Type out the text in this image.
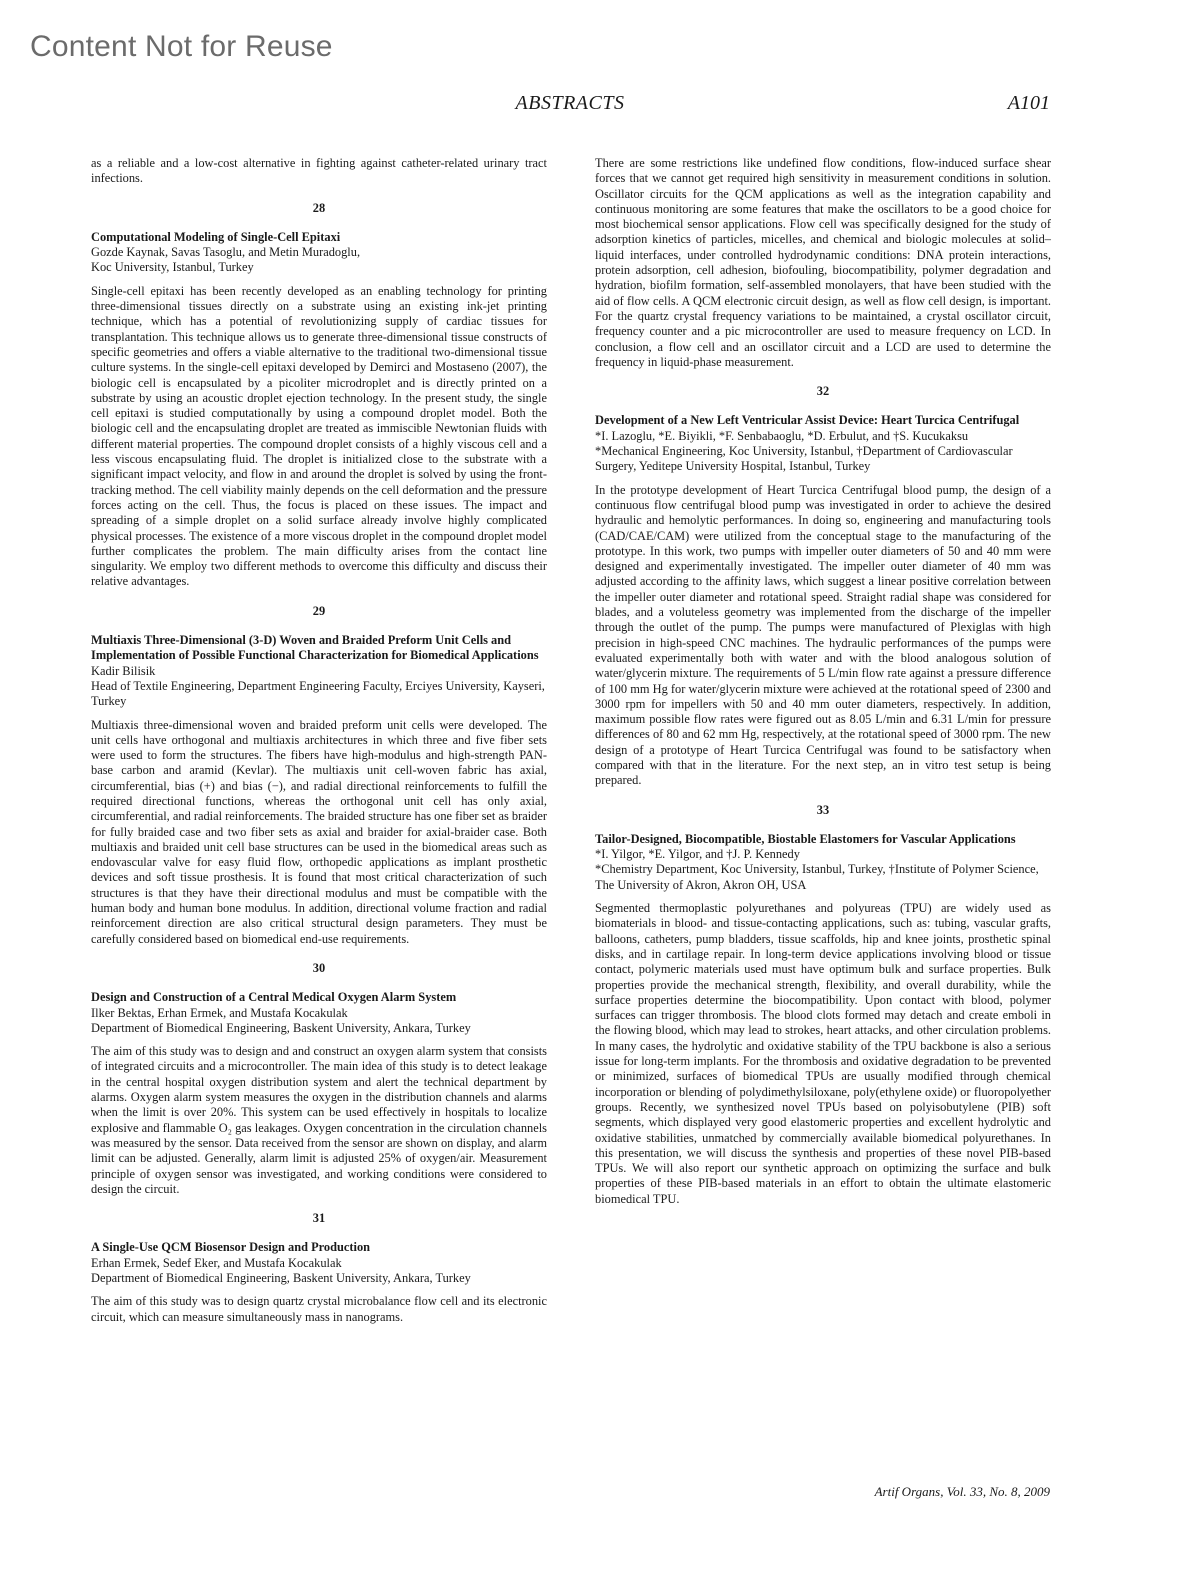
Content Not for Reuse
ABSTRACTS	A101

as a reliable and a low-cost alternative in fighting against catheter-related urinary tract infections.

28
Computational Modeling of Single-Cell Epitaxi
Gozde Kaynak, Savas Tasoglu, and Metin Muradoglu,
Koc University, Istanbul, Turkey

Single-cell epitaxi has been recently developed as an enabling technology for printing three-dimensional tissues directly on a substrate using an existing ink-jet printing technique, which has a potential of revolutionizing supply of cardiac tissues for transplantation. This technique allows us to generate three-dimensional tissue constructs of specific geometries and offers a viable alternative to the traditional two-dimensional tissue culture systems. In the single-cell epitaxi developed by Demirci and Mostaseno (2007), the biologic cell is encapsulated by a picoliter microdroplet and is directly printed on a substrate by using an acoustic droplet ejection technology. In the present study, the single cell epitaxi is studied computationally by using a compound droplet model. Both the biologic cell and the encapsulating droplet are treated as immiscible Newtonian fluids with different material properties. The compound droplet consists of a highly viscous cell and a less viscous encapsulating fluid. The droplet is initialized close to the substrate with a significant impact velocity, and flow in and around the droplet is solved by using the front-tracking method. The cell viability mainly depends on the cell deformation and the pressure forces acting on the cell. Thus, the focus is placed on these issues. The impact and spreading of a simple droplet on a solid surface already involve highly complicated physical processes. The existence of a more viscous droplet in the compound droplet model further complicates the problem. The main difficulty arises from the contact line singularity. We employ two different methods to overcome this difficulty and discuss their relative advantages.

29
Multiaxis Three-Dimensional (3-D) Woven and Braided Preform Unit Cells and Implementation of Possible Functional Characterization for Biomedical Applications
Kadir Bilisik
Head of Textile Engineering, Department Engineering Faculty, Erciyes University, Kayseri, Turkey

Multiaxis three-dimensional woven and braided preform unit cells were developed. The unit cells have orthogonal and multiaxis architectures in which three and five fiber sets were used to form the structures. The fibers have high-modulus and high-strength PAN-base carbon and aramid (Kevlar). The multiaxis unit cell-woven fabric has axial, circumferential, bias (+) and bias (−), and radial directional reinforcements to fulfill the required directional functions, whereas the orthogonal unit cell has only axial, circumferential, and radial reinforcements. The braided structure has one fiber set as braider for fully braided case and two fiber sets as axial and braider for axial-braider case. Both multiaxis and braided unit cell base structures can be used in the biomedical areas such as endovascular valve for easy fluid flow, orthopedic applications as implant prosthetic devices and soft tissue prosthesis. It is found that most critical characterization of such structures is that they have their directional modulus and must be compatible with the human body and human bone modulus. In addition, directional volume fraction and radial reinforcement direction are also critical structural design parameters. They must be carefully considered based on biomedical end-use requirements.

30
Design and Construction of a Central Medical Oxygen Alarm System
Ilker Bektas, Erhan Ermek, and Mustafa Kocakulak
Department of Biomedical Engineering, Baskent University, Ankara, Turkey

The aim of this study was to design and and construct an oxygen alarm system that consists of integrated circuits and a microcontroller. The main idea of this study is to detect leakage in the central hospital oxygen distribution system and alert the technical department by alarms. Oxygen alarm system measures the oxygen in the distribution channels and alarms when the limit is over 20%. This system can be used effectively in hospitals to localize explosive and flammable O₂ gas leakages. Oxygen concentration in the circulation channels was measured by the sensor. Data received from the sensor are shown on display, and alarm limit can be adjusted. Generally, alarm limit is adjusted 25% of oxygen/air. Measurement principle of oxygen sensor was investigated, and working conditions were considered to design the circuit.

31
A Single-Use QCM Biosensor Design and Production
Erhan Ermek, Sedef Eker, and Mustafa Kocakulak
Department of Biomedical Engineering, Baskent University, Ankara, Turkey

The aim of this study was to design quartz crystal microbalance flow cell and its electronic circuit, which can measure simultaneously mass in nanograms.

There are some restrictions like undefined flow conditions, flow-induced surface shear forces that we cannot get required high sensitivity in measurement conditions in solution. Oscillator circuits for the QCM applications as well as the integration capability and continuous monitoring are some features that make the oscillators to be a good choice for most biochemical sensor applications. Flow cell was specifically designed for the study of adsorption kinetics of particles, micelles, and chemical and biologic molecules at solid–liquid interfaces, under controlled hydrodynamic conditions: DNA protein interactions, protein adsorption, cell adhesion, biofouling, biocompatibility, polymer degradation and hydration, biofilm formation, self-assembled monolayers, that have been studied with the aid of flow cells. A QCM electronic circuit design, as well as flow cell design, is important. For the quartz crystal frequency variations to be maintained, a crystal oscillator circuit, frequency counter and a pic microcontroller are used to measure frequency on LCD. In conclusion, a flow cell and an oscillator circuit and a LCD are used to determine the frequency in liquid-phase measurement.

32
Development of a New Left Ventricular Assist Device: Heart Turcica Centrifugal
*I. Lazoglu, *E. Biyikli, *F. Senbabaoglu, *D. Erbulut, and †S. Kucukaksu
*Mechanical Engineering, Koc University, Istanbul, †Department of Cardiovascular Surgery, Yeditepe University Hospital, Istanbul, Turkey

In the prototype development of Heart Turcica Centrifugal blood pump, the design of a continuous flow centrifugal blood pump was investigated in order to achieve the desired hydraulic and hemolytic performances. In doing so, engineering and manufacturing tools (CAD/CAE/CAM) were utilized from the conceptual stage to the manufacturing of the prototype. In this work, two pumps with impeller outer diameters of 50 and 40 mm were designed and experimentally investigated. The impeller outer diameter of 40 mm was adjusted according to the affinity laws, which suggest a linear positive correlation between the impeller outer diameter and rotational speed. Straight radial shape was considered for blades, and a voluteless geometry was implemented from the discharge of the impeller through the outlet of the pump. The pumps were manufactured of Plexiglas with high precision in high-speed CNC machines. The hydraulic performances of the pumps were evaluated experimentally both with water and with the blood analogous solution of water/glycerin mixture. The requirements of 5 L/min flow rate against a pressure difference of 100 mm Hg for water/glycerin mixture were achieved at the rotational speed of 2300 and 3000 rpm for impellers with 50 and 40 mm outer diameters, respectively. In addition, maximum possible flow rates were figured out as 8.05 L/min and 6.31 L/min for pressure differences of 80 and 62 mm Hg, respectively, at the rotational speed of 3000 rpm. The new design of a prototype of Heart Turcica Centrifugal was found to be satisfactory when compared with that in the literature. For the next step, an in vitro test setup is being prepared.

33
Tailor-Designed, Biocompatible, Biostable Elastomers for Vascular Applications
*I. Yilgor, *E. Yilgor, and †J. P. Kennedy
*Chemistry Department, Koc University, Istanbul, Turkey, †Institute of Polymer Science, The University of Akron, Akron OH, USA

Segmented thermoplastic polyurethanes and polyureas (TPU) are widely used as biomaterials in blood- and tissue-contacting applications, such as: tubing, vascular grafts, balloons, catheters, pump bladders, tissue scaffolds, hip and knee joints, prosthetic spinal disks, and in cartilage repair. In long-term device applications involving blood or tissue contact, polymeric materials used must have optimum bulk and surface properties. Bulk properties provide the mechanical strength, flexibility, and overall durability, while the surface properties determine the biocompatibility. Upon contact with blood, polymer surfaces can trigger thrombosis. The blood clots formed may detach and create emboli in the flowing blood, which may lead to strokes, heart attacks, and other circulation problems. In many cases, the hydrolytic and oxidative stability of the TPU backbone is also a serious issue for long-term implants. For the thrombosis and oxidative degradation to be prevented or minimized, surfaces of biomedical TPUs are usually modified through chemical incorporation or blending of polydimethylsiloxane, poly(ethylene oxide) or fluoropolyether groups. Recently, we synthesized novel TPUs based on polyisobutylene (PIB) soft segments, which displayed very good elastomeric properties and excellent hydrolytic and oxidative stabilities, unmatched by commercially available biomedical polyurethanes. In this presentation, we will discuss the synthesis and properties of these novel PIB-based TPUs. We will also report our synthetic approach on optimizing the surface and bulk properties of these PIB-based materials in an effort to obtain the ultimate elastomeric biomedical TPU.

Artif Organs, Vol. 33, No. 8, 2009
